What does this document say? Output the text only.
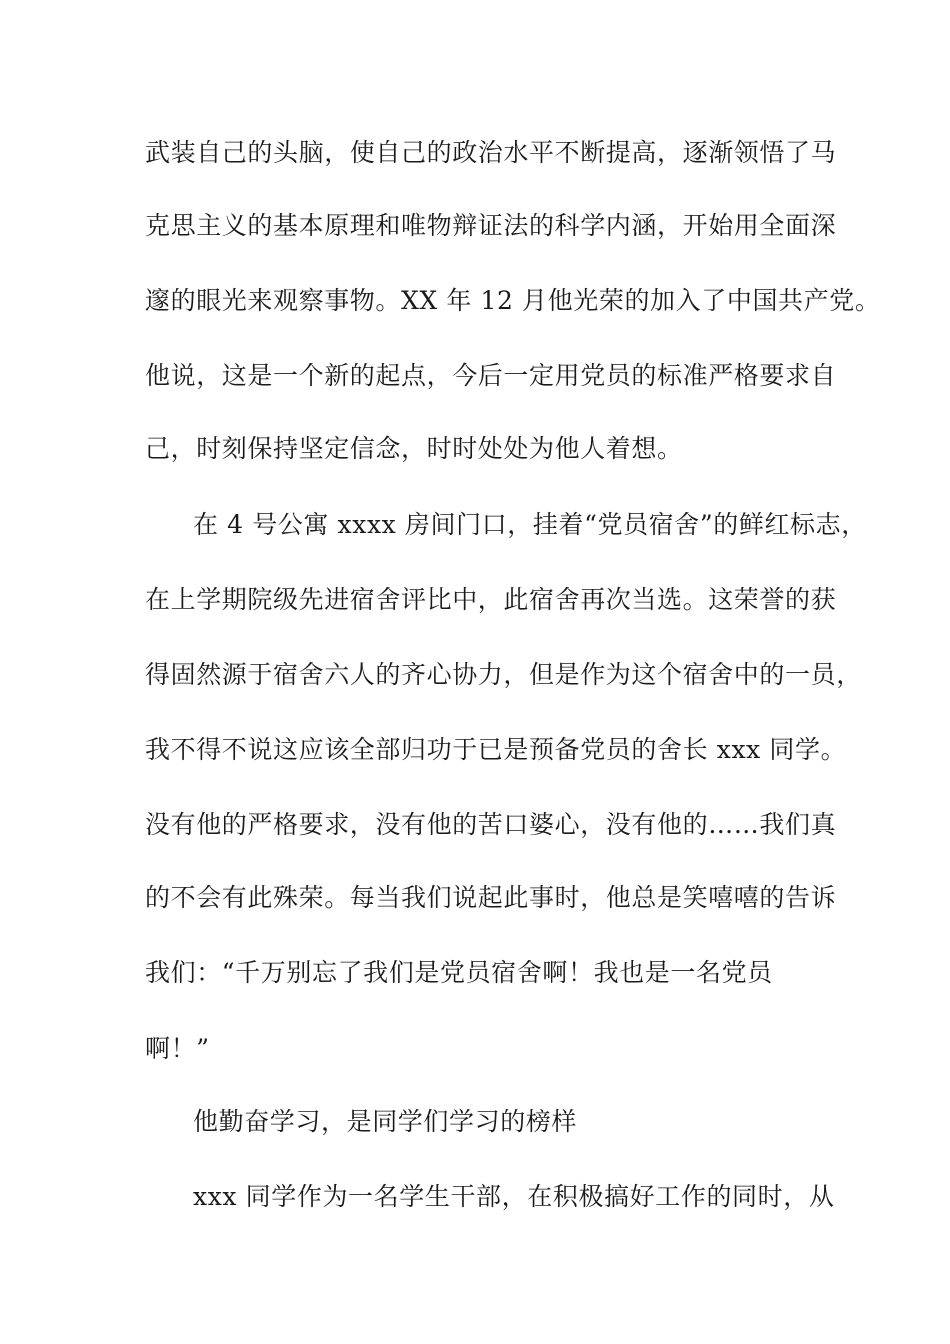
武装自己的头脑，使自己的政治水平不断提高，逐渐领悟了马
克思主义的基本原理和唯物辩证法的科学内涵，开始用全面深
邃的眼光来观察事物。XX 年 12 月他光荣的加入了中国共产党。
他说，这是一个新的起点，今后一定用党员的标准严格要求自
己，时刻保持坚定信念，时时处处为他人着想。
在 4 号公寓 xxxx 房间门口，挂着“党员宿舍”的鲜红标志，
在上学期院级先进宿舍评比中，此宿舍再次当选。这荣誉的获
得固然源于宿舍六人的齐心协力，但是作为这个宿舍中的一员，
我不得不说这应该全部归功于已是预备党员的舍长 xxx 同学。
没有他的严格要求，没有他的苦口婆心，没有他的……我们真
的不会有此殊荣。每当我们说起此事时，他总是笑嘻嘻的告诉
我们：“千万别忘了我们是党员宿舍啊！我也是一名党员
啊！”
他勤奋学习，是同学们学习的榜样
xxx 同学作为一名学生干部，在积极搞好工作的同时，从
